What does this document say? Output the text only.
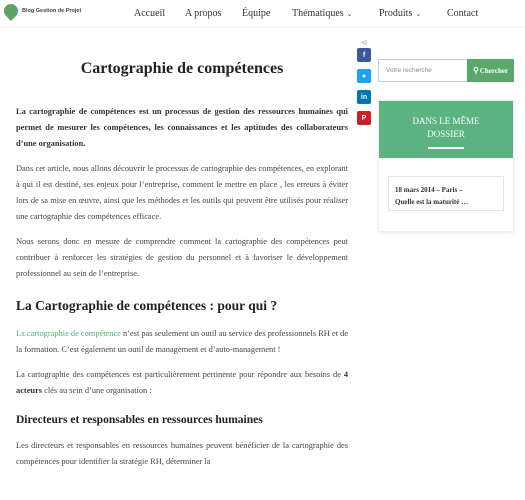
Blog Gestion de Projet	Accueil A propos Équipe Thématiques ⌄	Produits ⌄	Contact
⊲
f
●
in
P
Cartographie de compétences

La cartographie de compétences est un processus de gestion des ressources humaines qui permet de mesurer les compétences, les connaissances et les aptitudes des collaborateurs d’une organisation.

Dans cet article, nous allons découvrir le processus de cartographie des compétences, en explorant à qui il est destiné, ses enjeux pour l’entreprise, comment le mettre en place , les erreurs à éviter lors de sa mise en œuvre, ainsi que les méthodes et les outils qui peuvent être utilisés pour réaliser une cartographie des compétences efficace.

Nous serons donc en mesure de comprendre comment la cartographie des compétences peut contribuer à renforcer les stratégies de gestion du personnel et à favoriser le développement professionnel au sein de l’entreprise.

La Cartographie de compétences : pour qui ?

La cartographie de compétence n’est pas seulement un outil au service des professionnels RH et de la formation. C’est également un outil de management et d’auto-management !

La cartographie des compétences est particulièrement pertinente pour répondre aux besoins de 4 acteurs clés au sein d’une organisation :

Directeurs et responsables en ressources humaines

Les directeurs et responsables en ressources humaines peuvent bénéficier de la cartographie des compétences pour identifier la stratégie RH, déterminer la

Votre recherche
⚲ Chercher
DANS LE MÊME
DOSSIER
18 mars 2014 – Paris –
Quelle est la maturité …
